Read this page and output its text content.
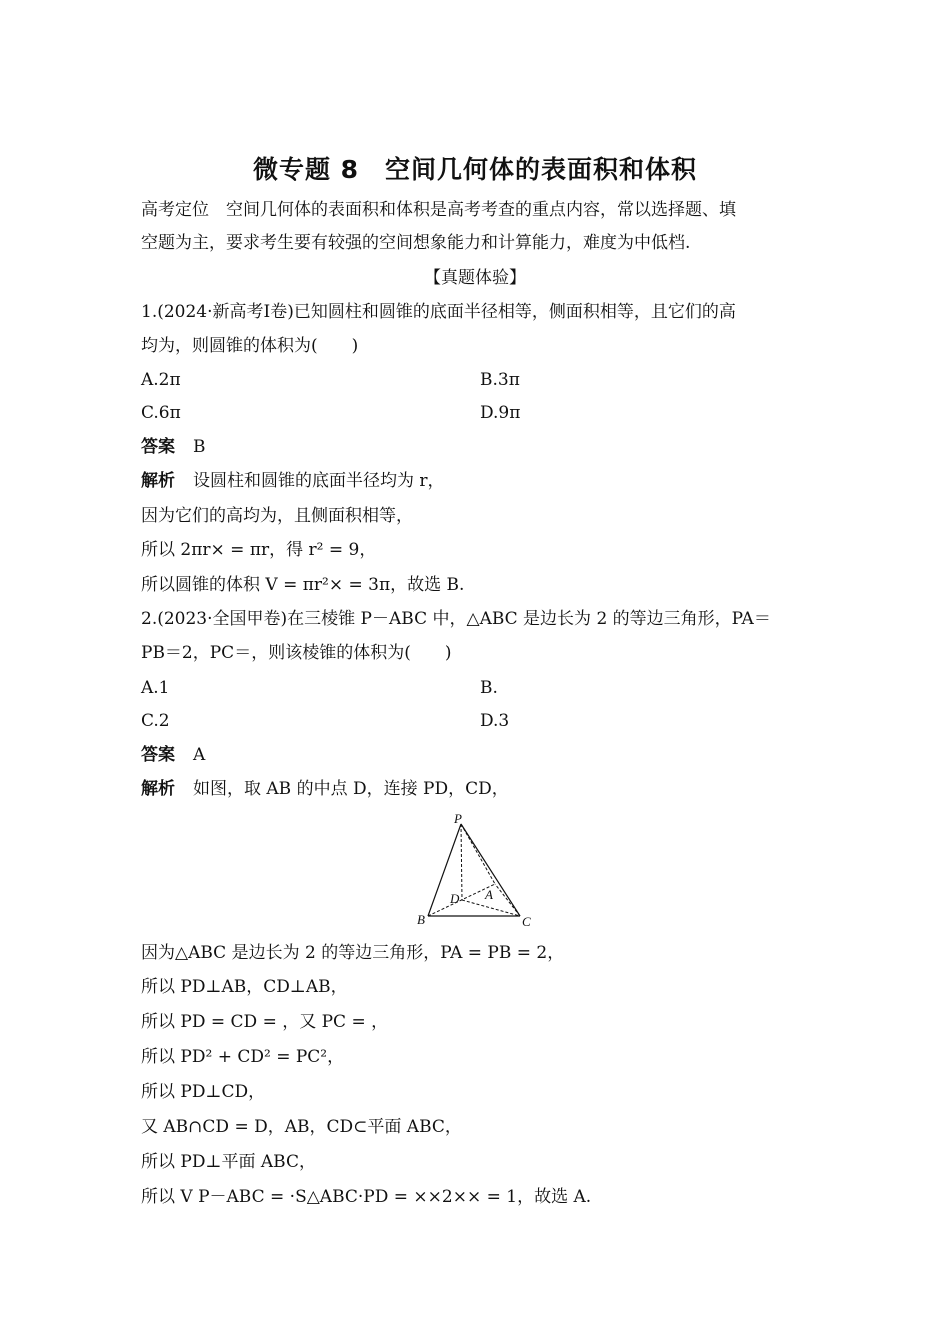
微专题 8　空间几何体的表面积和体积
高考定位　空间几何体的表面积和体积是高考考查的重点内容，常以选择题、填
空题为主，要求考生要有较强的空间想象能力和计算能力，难度为中低档.
【真题体验】
1.(2024·新高考Ⅰ卷)已知圆柱和圆锥的底面半径相等，侧面积相等，且它们的高
均为，则圆锥的体积为(　　)
A.2π	B.3π
C.6π	D.9π
答案 B
解析 设圆柱和圆锥的底面半径均为 r，
因为它们的高均为，且侧面积相等，
所以 2πr× = πr，得 r² = 9，
所以圆锥的体积 V = πr²× = 3π，故选 B.
2.(2023·全国甲卷)在三棱锥 P－ABC 中，△ABC 是边长为 2 的等边三角形，PA＝
PB＝2，PC＝，则该棱锥的体积为(　　)
A.1	B.
C.2	D.3
答案 A
解析 如图，取 AB 的中点 D，连接 PD，CD，
P
D A
B	C
因为△ABC 是边长为 2 的等边三角形，PA = PB = 2，
所以 PD⊥AB，CD⊥AB，
所以 PD = CD = ，又 PC = ，
所以 PD² + CD² = PC²，
所以 PD⊥CD，
又 AB∩CD = D，AB，CD⊂平面 ABC，
所以 PD⊥平面 ABC，
所以 V P－ABC = ·S△ABC·PD = ××2×× = 1，故选 A.
